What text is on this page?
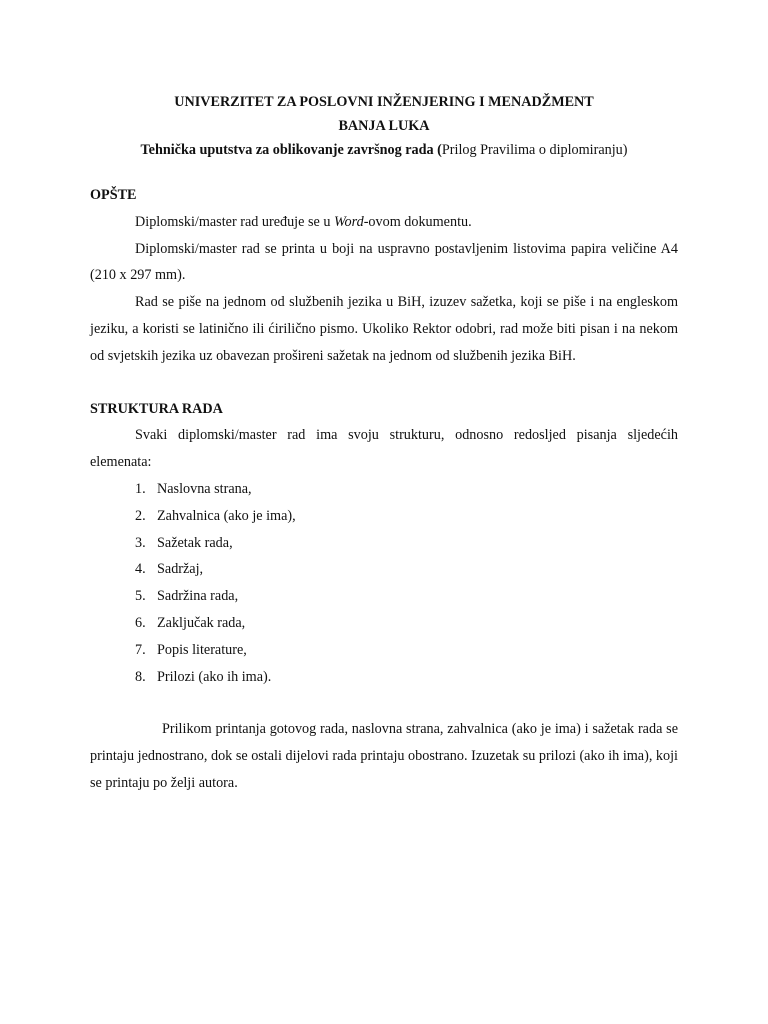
UNIVERZITET ZA POSLOVNI INŽENJERING I MENADŽMENT
BANJA LUKA
Tehnička uputstva za oblikovanje završnog rada (Prilog Pravilima o diplomiranju)
OPŠTE

Diplomski/master rad uređuje se u Word-ovom dokumentu.

Diplomski/master rad se printa u boji na uspravno postavljenim listovima papira veličine A4 (210 x 297 mm).

Rad se piše na jednom od službenih jezika u BiH, izuzev sažetka, koji se piše i na engleskom jeziku, a koristi se latinično ili ćirilično pismo. Ukoliko Rektor odobri, rad može biti pisan i na nekom od svjetskih jezika uz obavezan prošireni sažetak na jednom od službenih jezika BiH.

STRUKTURA RADA

Svaki diplomski/master rad ima svoju strukturu, odnosno redosljed pisanja sljedećih elemenata:

1. Naslovna strana,
2. Zahvalnica (ako je ima),
3. Sažetak rada,
4. Sadržaj,
5. Sadržina rada,
6. Zaključak rada,
7. Popis literature,
8. Prilozi (ako ih ima).

Prilikom printanja gotovog rada, naslovna strana, zahvalnica (ako je ima) i sažetak rada se printaju jednostrano, dok se ostali dijelovi rada printaju obostrano. Izuzetak su prilozi (ako ih ima), koji se printaju po želji autora.
